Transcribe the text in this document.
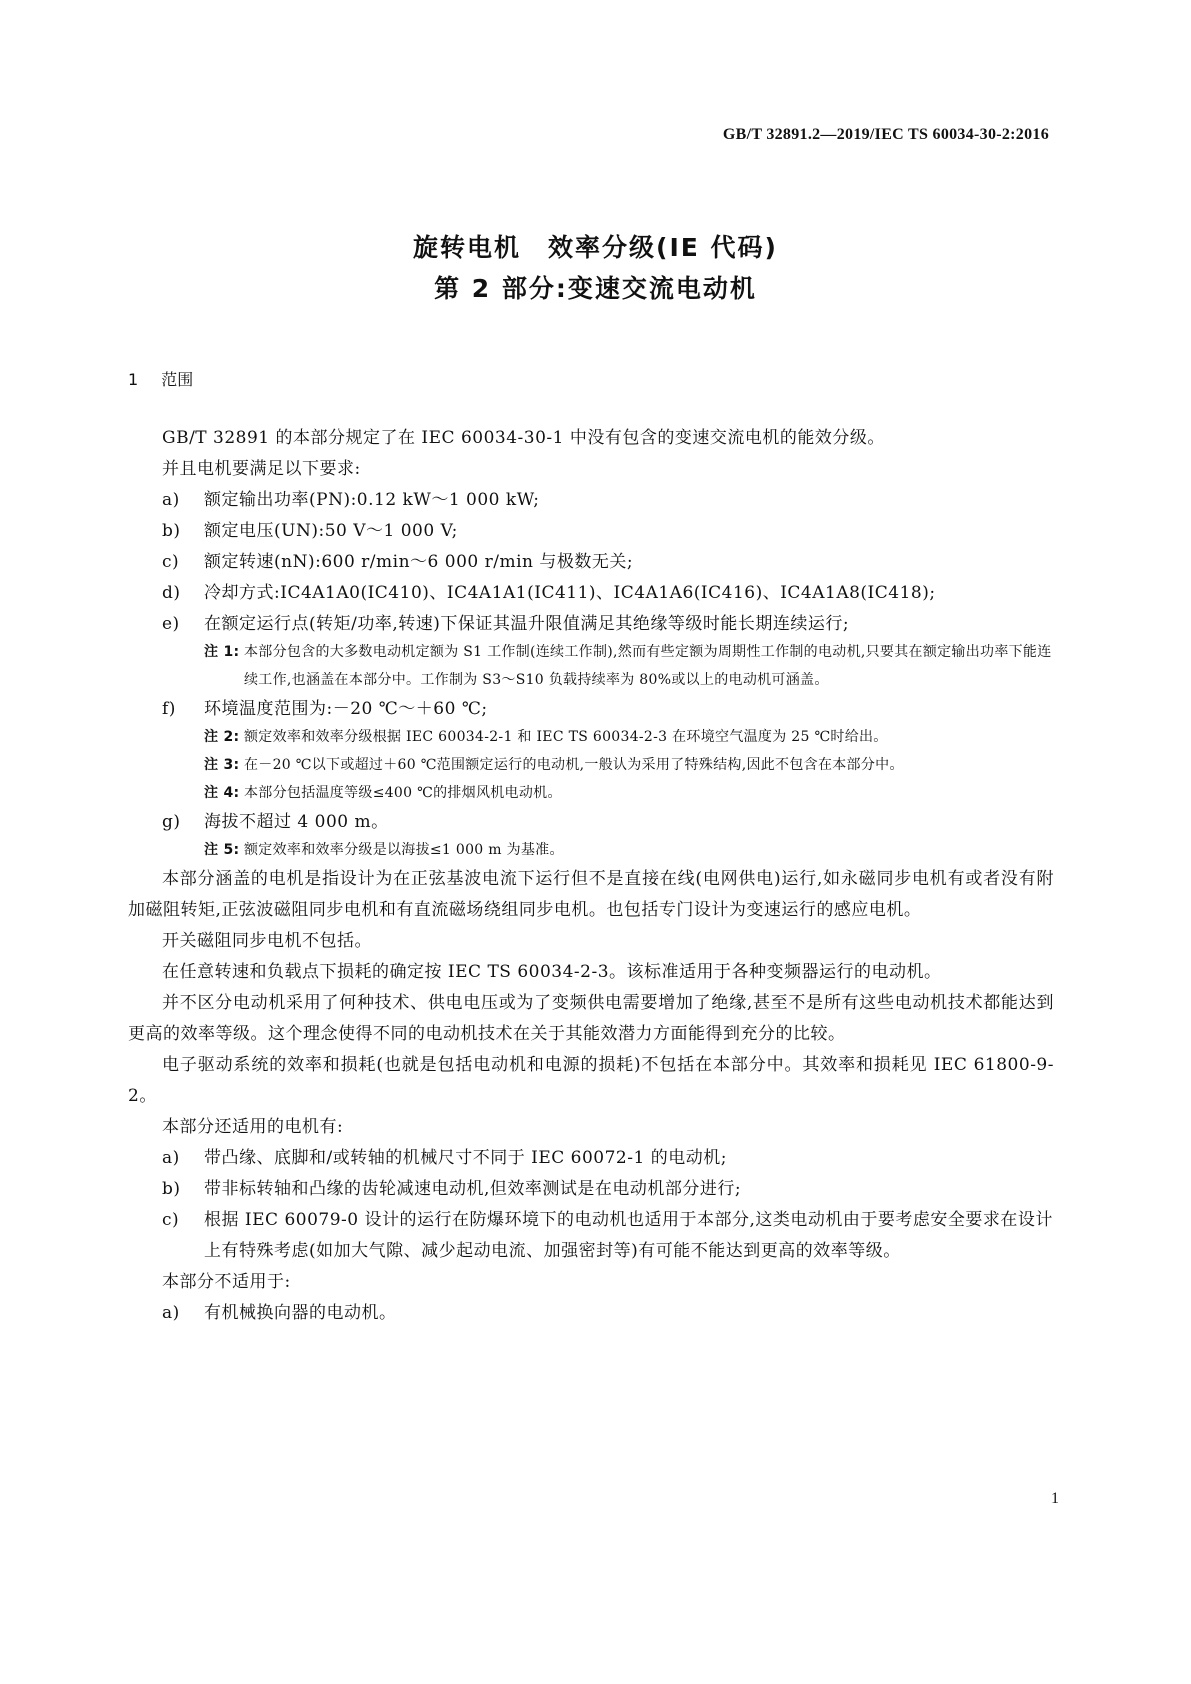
GB/T 32891.2—2019/IEC TS 60034-30-2:2016
旋转电机　效率分级(IE 代码)
第 2 部分:变速交流电动机
1 范围

GB/T 32891 的本部分规定了在 IEC 60034-30-1 中没有包含的变速交流电机的能效分级。

并且电机要满足以下要求:

a) 额定输出功率(PN):0.12 kW～1 000 kW;
b) 额定电压(UN):50 V～1 000 V;
c) 额定转速(nN):600 r/min～6 000 r/min 与极数无关;
d) 冷却方式:IC4A1A0(IC410)、IC4A1A1(IC411)、IC4A1A6(IC416)、IC4A1A8(IC418);
e) 在额定运行点(转矩/功率,转速)下保证其温升限值满足其绝缘等级时能长期连续运行;
注 1: 本部分包含的大多数电动机定额为 S1 工作制(连续工作制),然而有些定额为周期性工作制的电动机,只要其在额定输出功率下能连续工作,也涵盖在本部分中。工作制为 S3～S10 负载持续率为 80%或以上的电动机可涵盖。
f) 环境温度范围为:－20 ℃～＋60 ℃;
注 2: 额定效率和效率分级根据 IEC 60034-2-1 和 IEC TS 60034-2-3 在环境空气温度为 25 ℃时给出。
注 3: 在－20 ℃以下或超过＋60 ℃范围额定运行的电动机,一般认为采用了特殊结构,因此不包含在本部分中。
注 4: 本部分包括温度等级≤400 ℃的排烟风机电动机。
g) 海拔不超过 4 000 m。
注 5: 额定效率和效率分级是以海拔≤1 000 m 为基准。

本部分涵盖的电机是指设计为在正弦基波电流下运行但不是直接在线(电网供电)运行,如永磁同步电机有或者没有附加磁阻转矩,正弦波磁阻同步电机和有直流磁场绕组同步电机。也包括专门设计为变速运行的感应电机。

开关磁阻同步电机不包括。

在任意转速和负载点下损耗的确定按 IEC TS 60034-2-3。该标准适用于各种变频器运行的电动机。

并不区分电动机采用了何种技术、供电电压或为了变频供电需要增加了绝缘,甚至不是所有这些电动机技术都能达到更高的效率等级。这个理念使得不同的电动机技术在关于其能效潜力方面能得到充分的比较。

电子驱动系统的效率和损耗(也就是包括电动机和电源的损耗)不包括在本部分中。其效率和损耗见 IEC 61800-9-2。

本部分还适用的电机有:

a) 带凸缘、底脚和/或转轴的机械尺寸不同于 IEC 60072-1 的电动机;
b) 带非标转轴和凸缘的齿轮减速电动机,但效率测试是在电动机部分进行;
c) 根据 IEC 60079-0 设计的运行在防爆环境下的电动机也适用于本部分,这类电动机由于要考虑安全要求在设计上有特殊考虑(如加大气隙、减少起动电流、加强密封等)有可能不能达到更高的效率等级。

本部分不适用于:

a) 有机械换向器的电动机。
1
